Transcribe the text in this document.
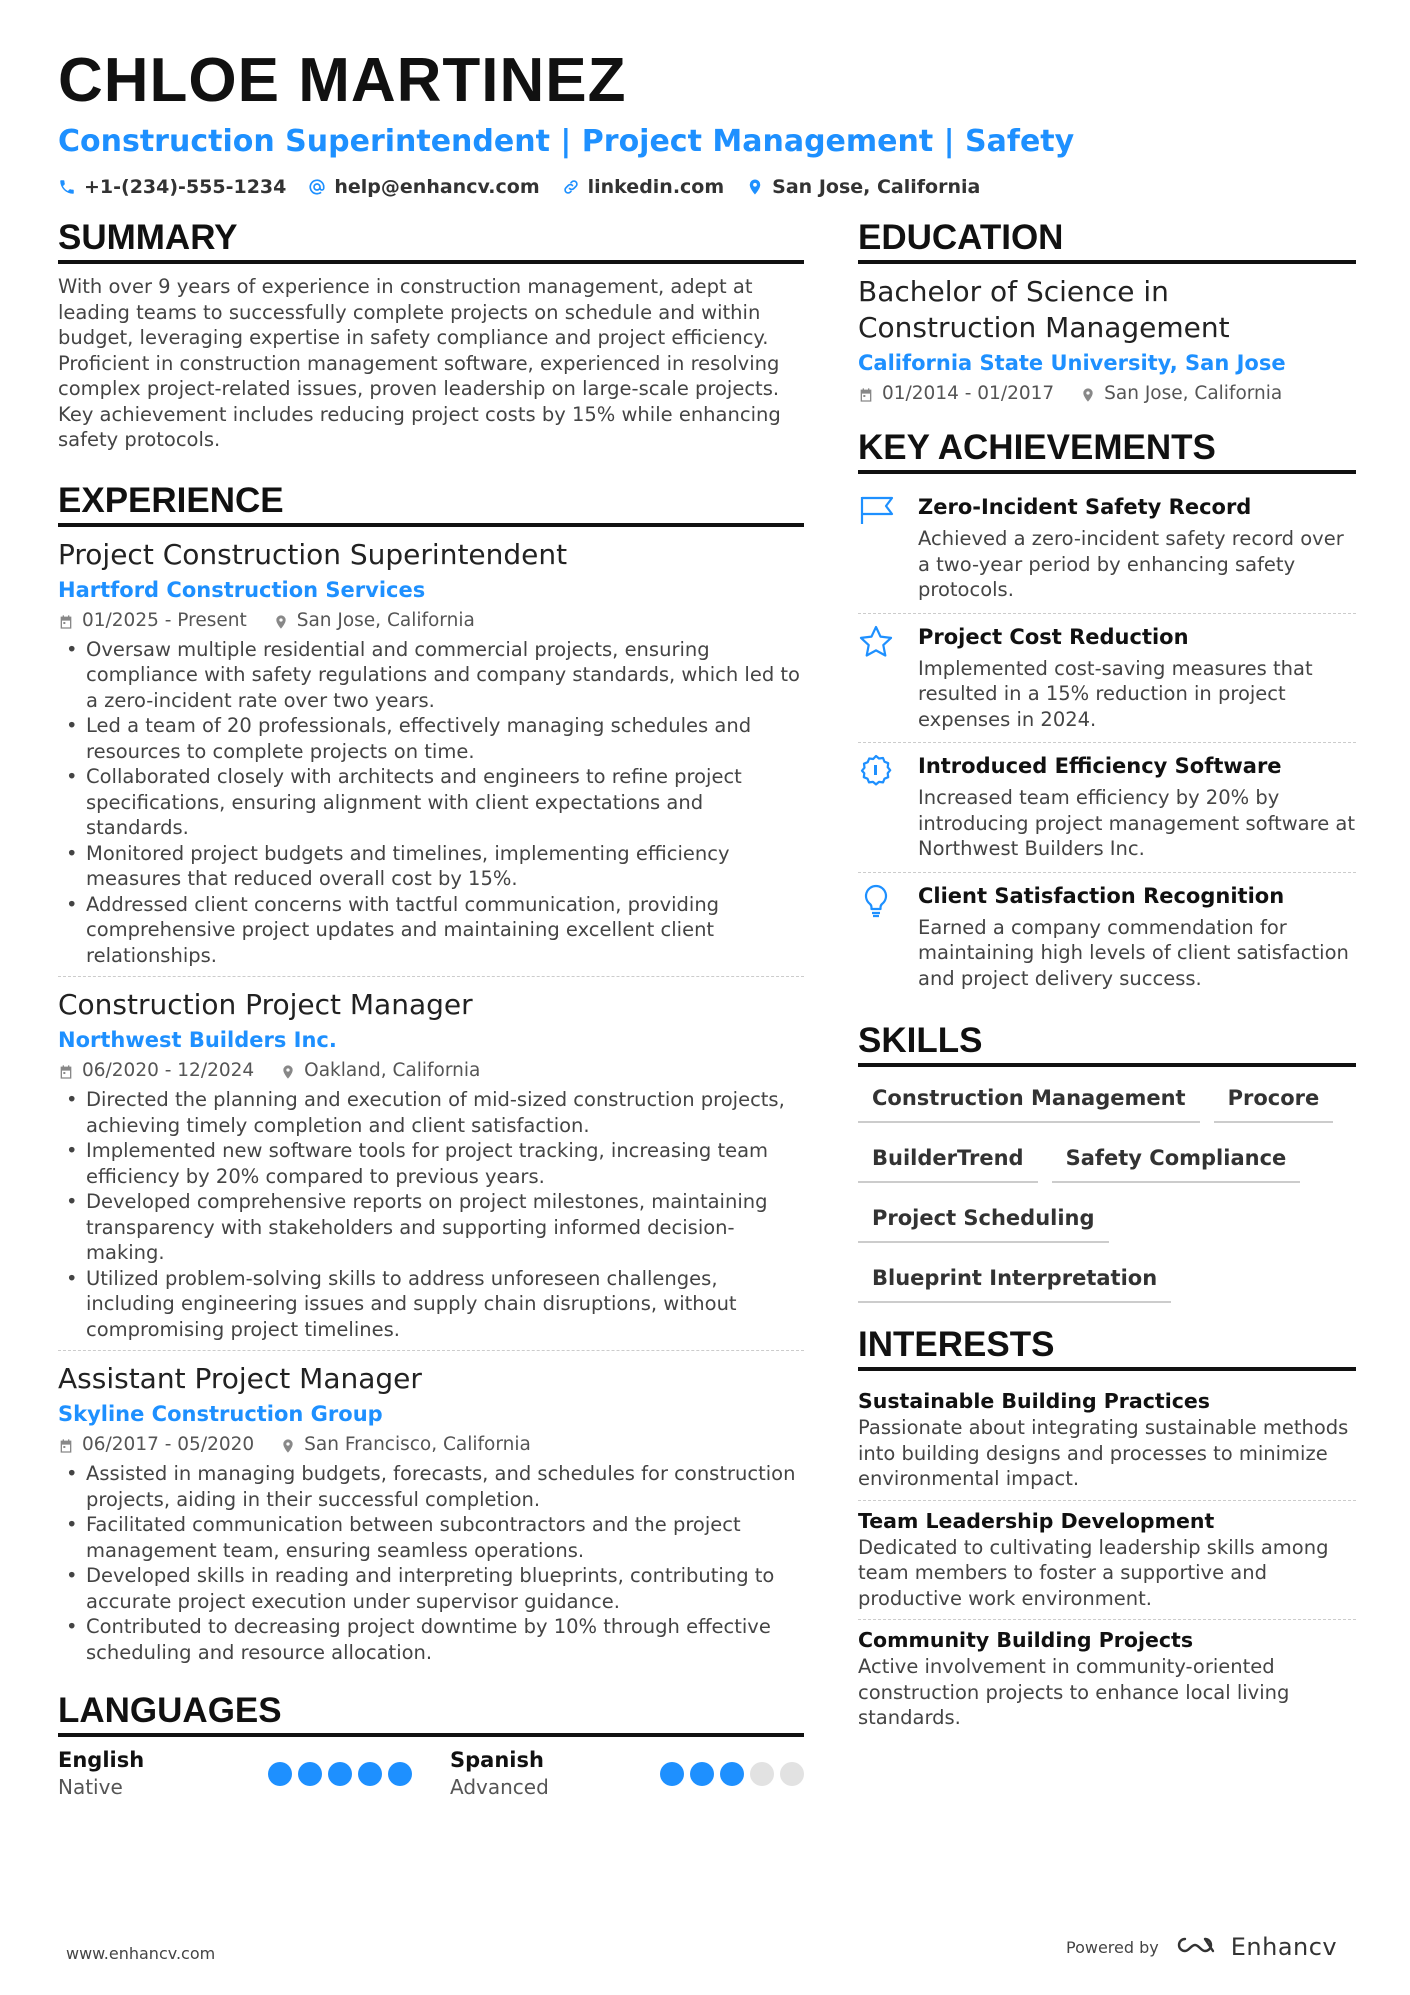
CHLOE MARTINEZ
Construction Superintendent | Project Management | Safety
+1-(234)-555-1234	help@enhancv.com	linkedin.com	San Jose, California
SUMMARY

With over 9 years of experience in construction management, adept at leading teams to successfully complete projects on schedule and within budget, leveraging expertise in safety compliance and project efficiency. Proficient in construction management software, experienced in resolving complex project-related issues, proven leadership on large-scale projects. Key achievement includes reducing project costs by 15% while enhancing safety protocols.

EXPERIENCE
Project Construction Superintendent
Hartford Construction Services
01/2025 - Present	San Jose, California
• Oversaw multiple residential and commercial projects, ensuring compliance with safety regulations and company standards, which led to a zero-incident rate over two years.
• Led a team of 20 professionals, effectively managing schedules and resources to complete projects on time.
• Collaborated closely with architects and engineers to refine project specifications, ensuring alignment with client expectations and standards.
• Monitored project budgets and timelines, implementing efficiency measures that reduced overall cost by 15%.
• Addressed client concerns with tactful communication, providing comprehensive project updates and maintaining excellent client relationships.
Construction Project Manager
Northwest Builders Inc.
06/2020 - 12/2024	Oakland, California
• Directed the planning and execution of mid-sized construction projects, achieving timely completion and client satisfaction.
• Implemented new software tools for project tracking, increasing team efficiency by 20% compared to previous years.
• Developed comprehensive reports on project milestones, maintaining transparency with stakeholders and supporting informed decision-making.
• Utilized problem-solving skills to address unforeseen challenges, including engineering issues and supply chain disruptions, without compromising project timelines.
Assistant Project Manager
Skyline Construction Group
06/2017 - 05/2020	San Francisco, California
• Assisted in managing budgets, forecasts, and schedules for construction projects, aiding in their successful completion.
• Facilitated communication between subcontractors and the project management team, ensuring seamless operations.
• Developed skills in reading and interpreting blueprints, contributing to accurate project execution under supervisor guidance.
• Contributed to decreasing project downtime by 10% through effective scheduling and resource allocation.
LANGUAGES
English
Native
Spanish
Advanced
EDUCATION
Bachelor of Science in Construction Management
California State University, San Jose
01/2014 - 01/2017	San Jose, California
KEY ACHIEVEMENTS
Zero-Incident Safety Record
Achieved a zero-incident safety record over a two-year period by enhancing safety protocols.
Project Cost Reduction
Implemented cost-saving measures that resulted in a 15% reduction in project expenses in 2024.
Introduced Efficiency Software
Increased team efficiency by 20% by introducing project management software at Northwest Builders Inc.
Client Satisfaction Recognition
Earned a company commendation for maintaining high levels of client satisfaction and project delivery success.
SKILLS
Construction Management	Procore
BuilderTrend	Safety Compliance
Project Scheduling
Blueprint Interpretation
INTERESTS
Sustainable Building Practices
Passionate about integrating sustainable methods into building designs and processes to minimize environmental impact.
Team Leadership Development
Dedicated to cultivating leadership skills among team members to foster a supportive and productive work environment.
Community Building Projects
Active involvement in community-oriented construction projects to enhance local living standards.
www.enhancv.com	Powered by	Enhancv
